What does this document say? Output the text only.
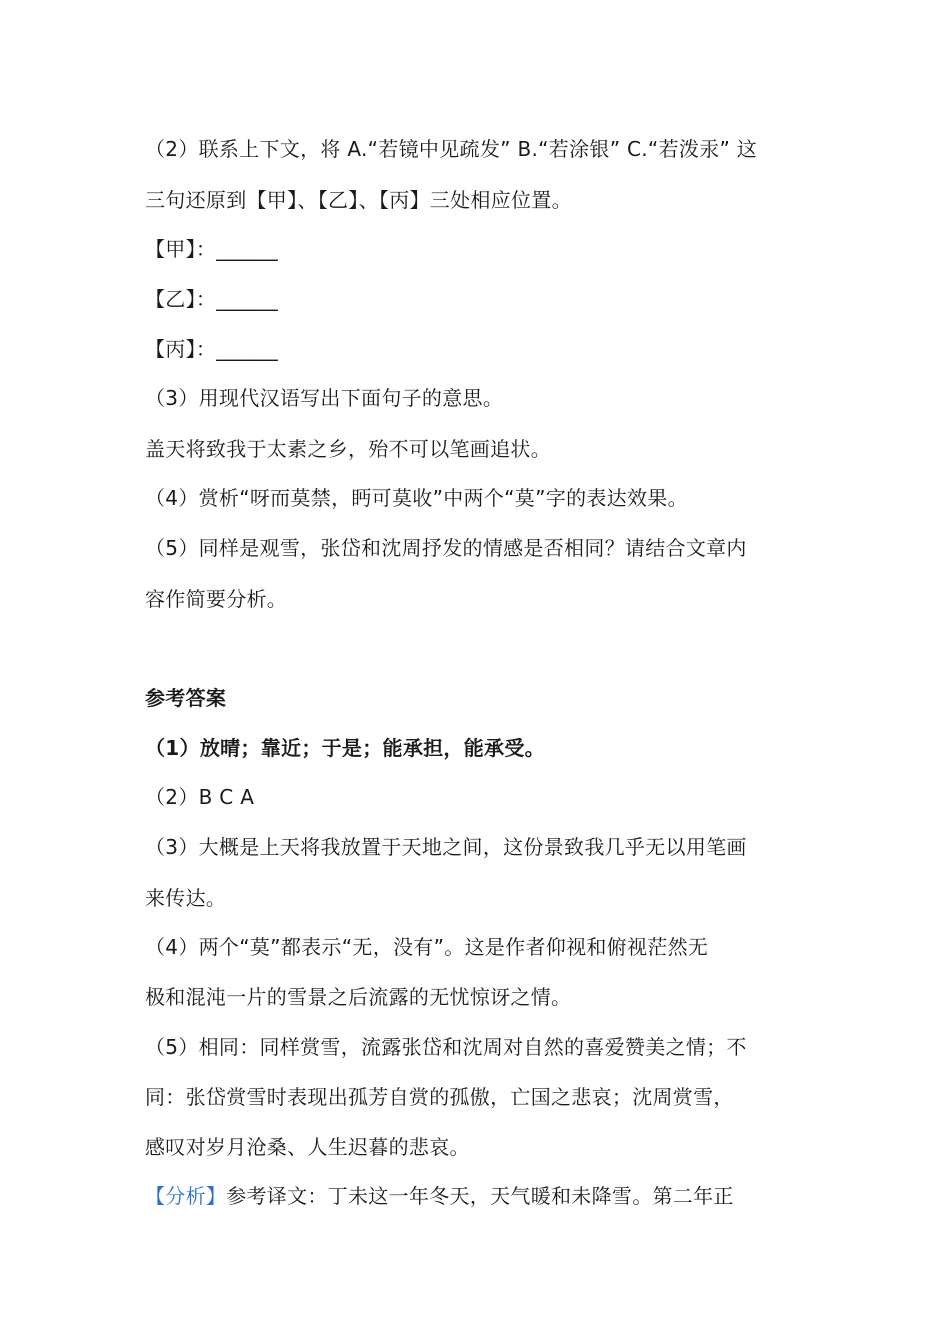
（2）联系上下文，将 A.“若镜中见疏发” B.“若涂银” C.“若泼汞” 这
三句还原到【甲】、【乙】、【丙】三处相应位置。
【甲】：______
【乙】：______
【丙】：______
（3）用现代汉语写出下面句子的意思。
盖天将致我于太素之乡，殆不可以笔画追状。
（4）赏析“呀而莫禁，眄可莫收”中两个“莫”字的表达效果。
（5）同样是观雪，张岱和沈周抒发的情感是否相同？请结合文章内
容作简要分析。
参考答案
（1）放晴；靠近；于是；能承担，能承受。
（2）B C A
（3）大概是上天将我放置于天地之间，这份景致我几乎无以用笔画
来传达。
（4）两个“莫”都表示“无，没有”。这是作者仰视和俯视茫然无
极和混沌一片的雪景之后流露的无忧惊讶之情。
（5）相同：同样赏雪，流露张岱和沈周对自然的喜爱赞美之情；不
同：张岱赏雪时表现出孤芳自赏的孤傲，亡国之悲哀；沈周赏雪，
感叹对岁月沧桑、人生迟暮的悲哀。
【分析】参考译文：丁未这一年冬天，天气暖和未降雪。第二年正
